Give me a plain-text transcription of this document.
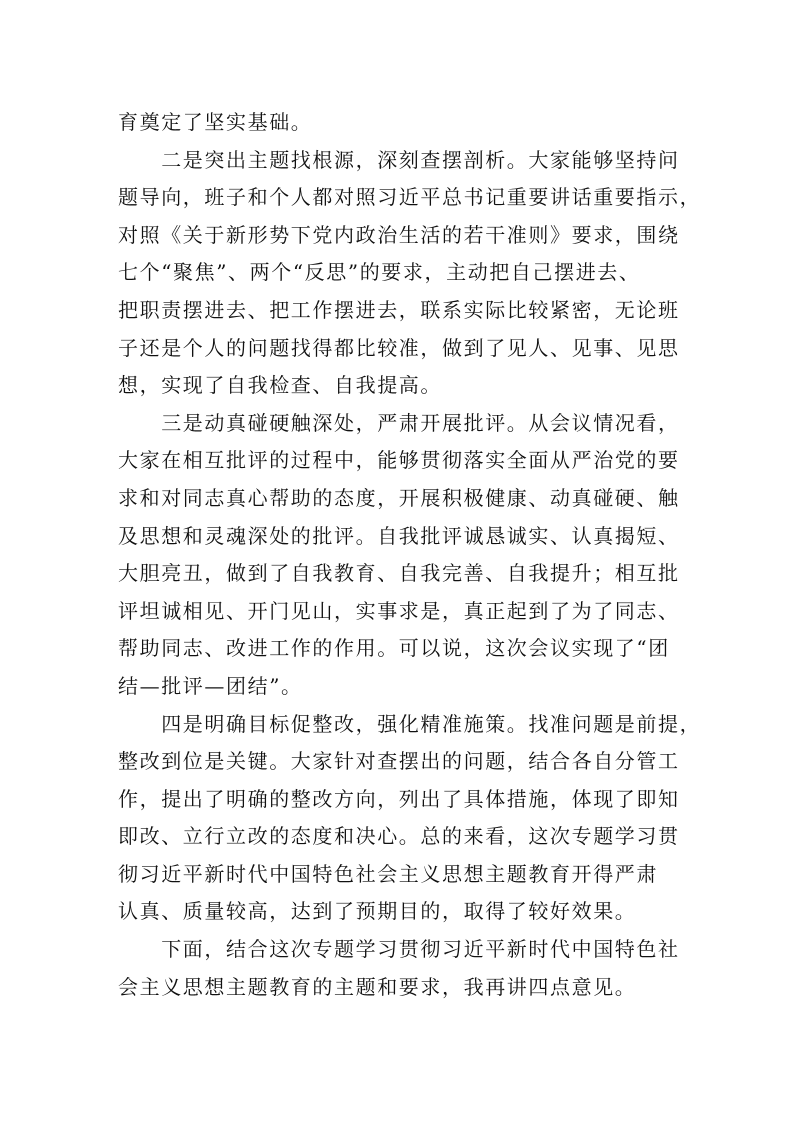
育奠定了坚实基础。
　　二是突出主题找根源，深刻查摆剖析。大家能够坚持问
题导向，班子和个人都对照习近平总书记重要讲话重要指示，
对照《关于新形势下党内政治生活的若干准则》要求，围绕
七个“聚焦”、两个“反思”的要求，主动把自己摆进去、
把职责摆进去、把工作摆进去，联系实际比较紧密，无论班
子还是个人的问题找得都比较准，做到了见人、见事、见思
想，实现了自我检查、自我提高。
　　三是动真碰硬触深处，严肃开展批评。从会议情况看，
大家在相互批评的过程中，能够贯彻落实全面从严治党的要
求和对同志真心帮助的态度，开展积极健康、动真碰硬、触
及思想和灵魂深处的批评。自我批评诚恳诚实、认真揭短、
大胆亮丑，做到了自我教育、自我完善、自我提升；相互批
评坦诚相见、开门见山，实事求是，真正起到了为了同志、
帮助同志、改进工作的作用。可以说，这次会议实现了“团
结—批评—团结”。
　　四是明确目标促整改，强化精准施策。找准问题是前提，
整改到位是关键。大家针对查摆出的问题，结合各自分管工
作，提出了明确的整改方向，列出了具体措施，体现了即知
即改、立行立改的态度和决心。总的来看，这次专题学习贯
彻习近平新时代中国特色社会主义思想主题教育开得严肃
认真、质量较高，达到了预期目的，取得了较好效果。
　　下面，结合这次专题学习贯彻习近平新时代中国特色社
会主义思想主题教育的主题和要求，我再讲四点意见。
